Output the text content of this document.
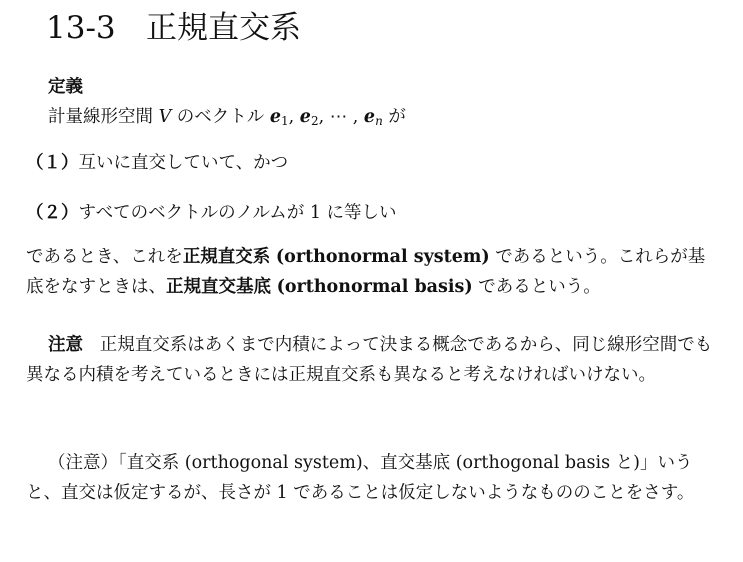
13-3 正規直交系
定義
計量線形空間 V のベクトル $e_1$, $e_2$, ⋯ , $e_n$ が
（１）互いに直交していて、かつ
（２）すべてのベクトルのノルムが 1 に等しい
であるとき、これを正規直交系 (orthonormal system) であるという。これらが基底をなすときは、正規直交基底 (orthonormal basis) であるという。
注意 正規直交系はあくまで内積によって決まる概念であるから、同じ線形空間でも異なる内積を考えているときには正規直交系も異なると考えなければいけない。
（注意）「直交系 (orthogonal system)、直交基底 (orthogonal basis と)」いうと、直交は仮定するが、長さが 1 であることは仮定しないようなもののことをさす。
